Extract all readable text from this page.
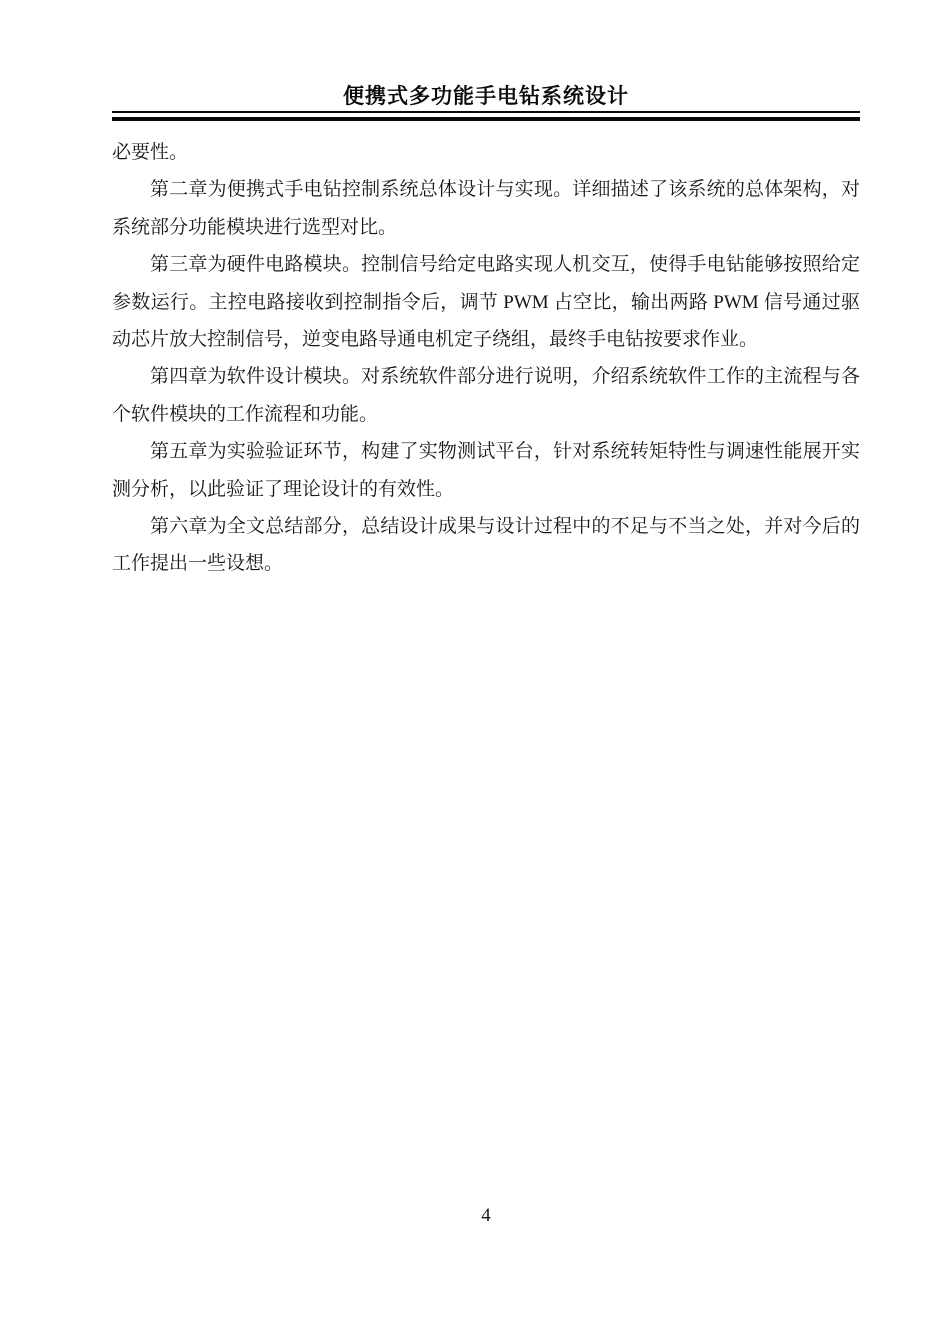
便携式多功能手电钻系统设计

必要性。

第二章为便携式手电钻控制系统总体设计与实现。详细描述了该系统的总体架构，对系统部分功能模块进行选型对比。

第三章为硬件电路模块。控制信号给定电路实现人机交互，使得手电钻能够按照给定参数运行。主控电路接收到控制指令后，调节 PWM 占空比，输出两路 PWM 信号通过驱动芯片放大控制信号，逆变电路导通电机定子绕组，最终手电钻按要求作业。

第四章为软件设计模块。对系统软件部分进行说明，介绍系统软件工作的主流程与各个软件模块的工作流程和功能。

第五章为实验验证环节，构建了实物测试平台，针对系统转矩特性与调速性能展开实测分析，以此验证了理论设计的有效性。

第六章为全文总结部分，总结设计成果与设计过程中的不足与不当之处，并对今后的工作提出一些设想。

4
